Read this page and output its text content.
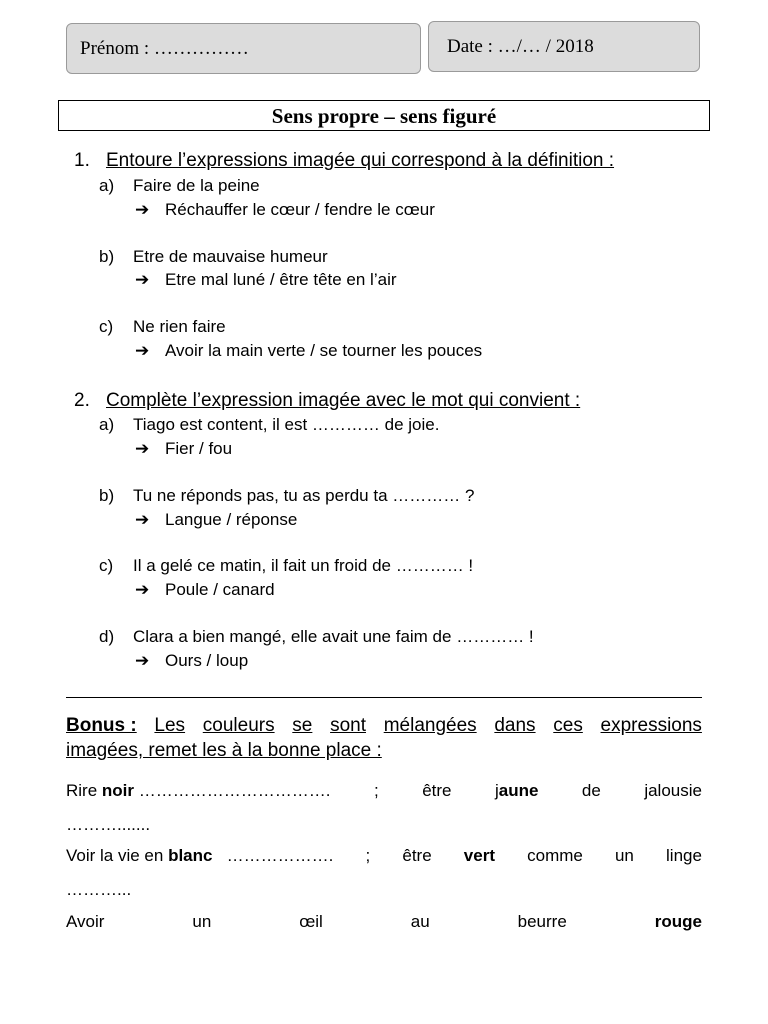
Prénom : ……………	Date : …/… / 2018
Sens propre – sens figuré
1. Entoure l’expressions imagée qui correspond à la définition :
a) Faire de la peine
➔ Réchauffer le cœur / fendre le cœur
b) Etre de mauvaise humeur
➔ Etre mal luné / être tête en l’air
c) Ne rien faire
➔ Avoir la main verte / se tourner les pouces
2. Complète l’expression imagée avec le mot qui convient :
a) Tiago est content, il est ………… de joie.
➔ Fier / fou
b) Tu ne réponds pas, tu as perdu ta ………… ?
➔ Langue / réponse
c) Il a gelé ce matin, il fait un froid de ………… !
➔ Poule / canard
d) Clara a bien mangé, elle avait une faim de ………… !
➔ Ours / loup
Bonus : Les couleurs se sont mélangées dans ces expressions
imagées, remet les à la bonne place :
Rire noir …………………………….	;	être	jaune	de	jalousie
……….......
Voir la vie en blanc ………………. ; être vert comme un linge
………...
Avoir	un	œil	au	beurre	rouge
